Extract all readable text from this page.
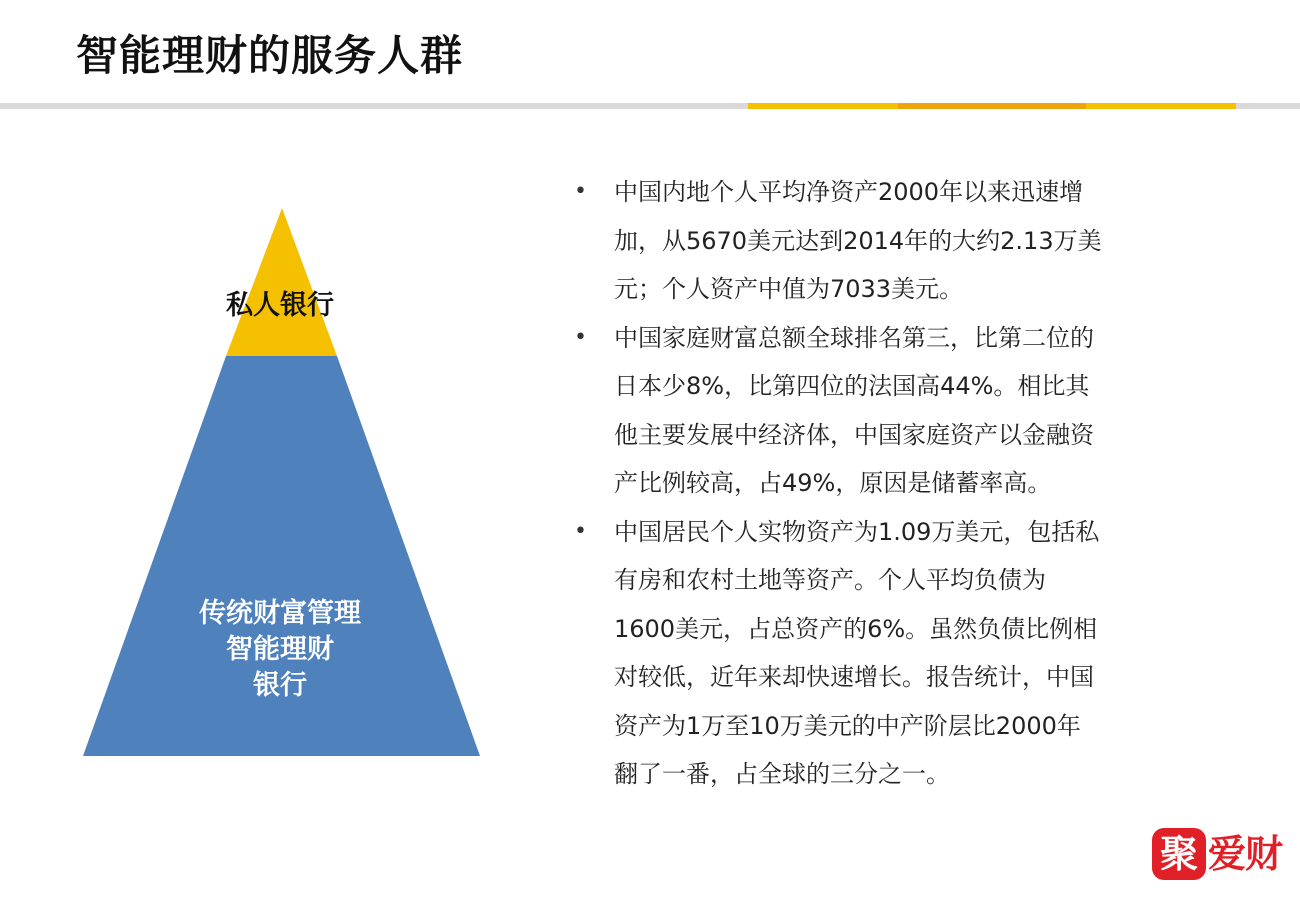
智能理财的服务人群
私人银行
传统财富管理
智能理财
银行
• 中国内地个人平均净资产2000年以来迅速增
加，从5670美元达到2014年的大约2.13万美
元；个人资产中值为7033美元。
• 中国家庭财富总额全球排名第三，比第二位的
日本少8%，比第四位的法国高44%。相比其
他主要发展中经济体，中国家庭资产以金融资
产比例较高，占49%，原因是储蓄率高。
• 中国居民个人实物资产为1.09万美元，包括私
有房和农村土地等资产。个人平均负债为
1600美元，占总资产的6%。虽然负债比例相
对较低，近年来却快速增长。报告统计，中国
资产为1万至10万美元的中产阶层比2000年
翻了一番，占全球的三分之一。
聚 爱财
